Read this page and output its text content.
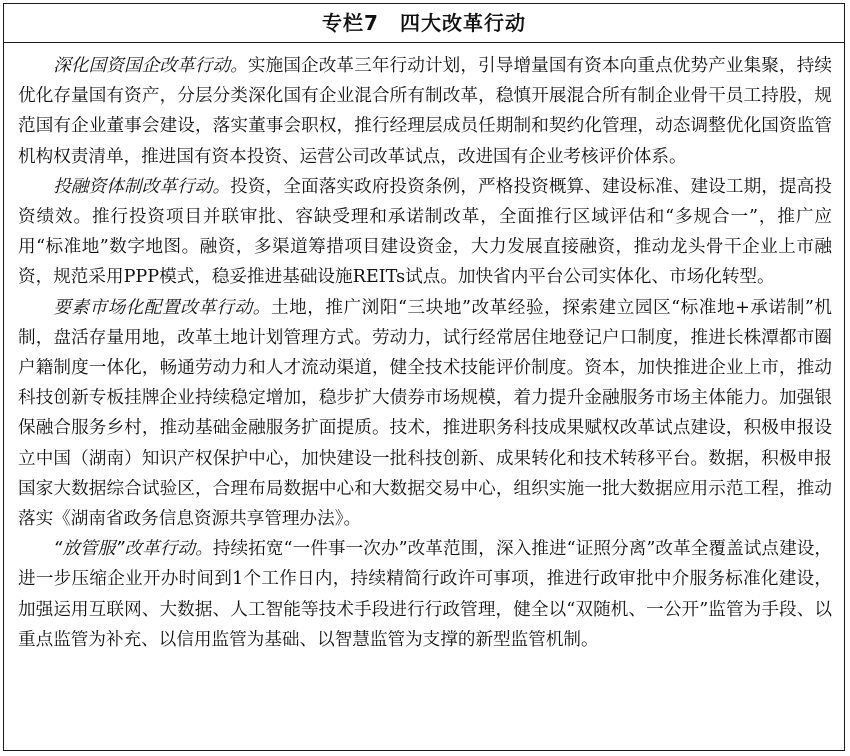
专栏7　四大改革行动

深化国资国企改革行动。实施国企改革三年行动计划，引导增量国有资本向重点优势产业集聚，持续优化存量国有资产，分层分类深化国有企业混合所有制改革，稳慎开展混合所有制企业骨干员工持股，规范国有企业董事会建设，落实董事会职权，推行经理层成员任期制和契约化管理，动态调整优化国资监管机构权责清单，推进国有资本投资、运营公司改革试点，改进国有企业考核评价体系。

投融资体制改革行动。投资，全面落实政府投资条例，严格投资概算、建设标准、建设工期，提高投资绩效。推行投资项目并联审批、容缺受理和承诺制改革，全面推行区域评估和“多规合一”，推广应用“标准地”数字地图。融资，多渠道筹措项目建设资金，大力发展直接融资，推动龙头骨干企业上市融资，规范采用PPP模式，稳妥推进基础设施REITs试点。加快省内平台公司实体化、市场化转型。

要素市场化配置改革行动。土地，推广浏阳“三块地”改革经验，探索建立园区“标准地+承诺制”机制，盘活存量用地，改革土地计划管理方式。劳动力，试行经常居住地登记户口制度，推进长株潭都市圈户籍制度一体化，畅通劳动力和人才流动渠道，健全技术技能评价制度。资本，加快推进企业上市，推动科技创新专板挂牌企业持续稳定增加，稳步扩大债券市场规模，着力提升金融服务市场主体能力。加强银保融合服务乡村，推动基础金融服务扩面提质。技术，推进职务科技成果赋权改革试点建设，积极申报设立中国（湖南）知识产权保护中心，加快建设一批科技创新、成果转化和技术转移平台。数据，积极申报国家大数据综合试验区，合理布局数据中心和大数据交易中心，组织实施一批大数据应用示范工程，推动落实《湖南省政务信息资源共享管理办法》。

“放管服”改革行动。持续拓宽“一件事一次办”改革范围，深入推进“证照分离”改革全覆盖试点建设，进一步压缩企业开办时间到1个工作日内，持续精简行政许可事项，推进行政审批中介服务标准化建设，加强运用互联网、大数据、人工智能等技术手段进行行政管理，健全以“双随机、一公开”监管为手段、以重点监管为补充、以信用监管为基础、以智慧监管为支撑的新型监管机制。
